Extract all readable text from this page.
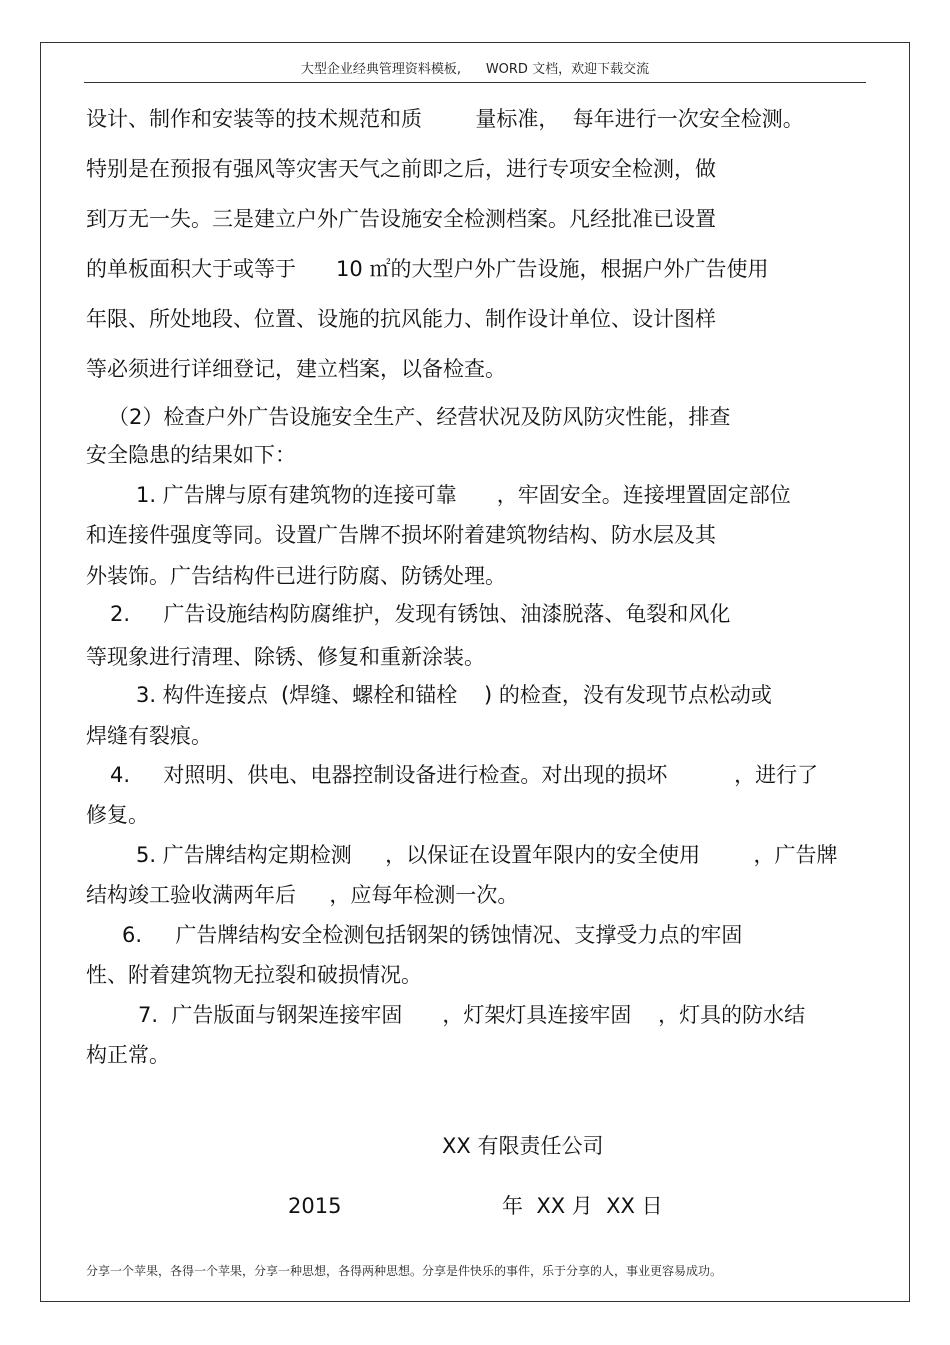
大型企业经典管理资料模板,      WORD 文档，欢迎下载交流
设计、制作和安装等的技术规范和质        量标准，  每年进行一次安全检测。
特别是在预报有强风等灾害天气之前即之后，进行专项安全检测，做
到万无一失。三是建立户外广告设施安全检测档案。凡经批准已设置
的单板面积大于或等于      10 ㎡的大型户外广告设施，根据户外广告使用
年限、所处地段、位置、设施的抗风能力、制作设计单位、设计图样
等必须进行详细登记，建立档案，以备检查。
（2）检查户外广告设施安全生产、经营状况及防风防灾性能，排查
安全隐患的结果如下：
1. 广告牌与原有建筑物的连接可靠      ，牢固安全。连接埋置固定部位
和连接件强度等同。设置广告牌不损坏附着建筑物结构、防水层及其
外装饰。广告结构件已进行防腐、防锈处理。
2.     广告设施结构防腐维护，发现有锈蚀、油漆脱落、龟裂和风化
等现象进行清理、除锈、修复和重新涂装。
3. 构件连接点  (焊缝、螺栓和锚栓    ) 的检查，没有发现节点松动或
焊缝有裂痕。
4.     对照明、供电、电器控制设备进行检查。对出现的损坏          ，进行了
修复。
5. 广告牌结构定期检测     ，以保证在设置年限内的安全使用        ，广告牌
结构竣工验收满两年后     ，应每年检测一次。
6.     广告牌结构安全检测包括钢架的锈蚀情况、支撑受力点的牢固
性、附着建筑物无拉裂和破损情况。
7.  广告版面与钢架连接牢固      ，灯架灯具连接牢固    ，灯具的防水结
构正常。
XX 有限责任公司
2015	年  XX 月  XX 日
分享一个苹果，各得一个苹果，分享一种思想，各得两种思想。分享是件快乐的事件，乐于分享的人，事业更容易成功。
